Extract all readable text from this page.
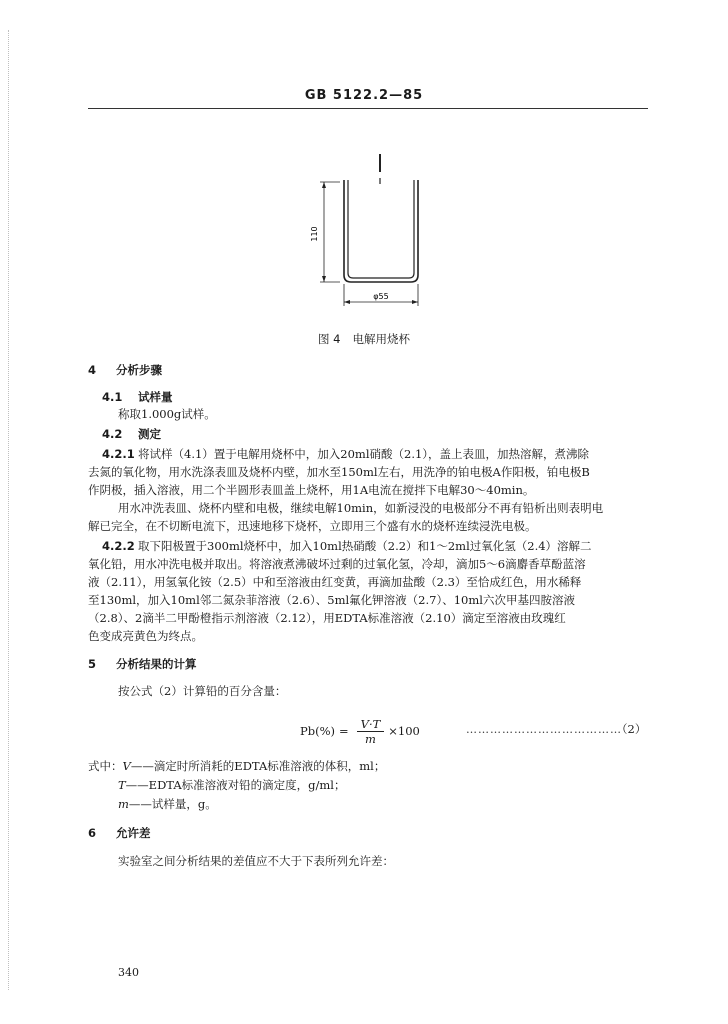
GB 5122.2—85
110
φ55
图 4 电解用烧杯
4 分析步骤
4.1 试样量
称取1.000g试样。
4.2 测定
4.2.1 将试样（4.1）置于电解用烧杯中，加入20ml硝酸（2.1），盖上表皿，加热溶解，煮沸除
去氮的氧化物，用水洗涤表皿及烧杯内壁，加水至150ml左右，用洗净的铂电极A作阳极，铂电极B
作阴极，插入溶液，用二个半圆形表皿盖上烧杯，用1A电流在搅拌下电解30～40min。
用水冲洗表皿、烧杯内壁和电极，继续电解10min，如新浸没的电极部分不再有铅析出则表明电
解已完全，在不切断电流下，迅速地移下烧杯，立即用三个盛有水的烧杯连续浸洗电极。
4.2.2 取下阳极置于300ml烧杯中，加入10ml热硝酸（2.2）和1～2ml过氧化氢（2.4）溶解二
氧化铅，用水冲洗电极并取出。将溶液煮沸破坏过剩的过氧化氢，冷却，滴加5～6滴麝香草酚蓝溶
液（2.11），用氢氧化铵（2.5）中和至溶液由红变黄，再滴加盐酸（2.3）至恰成红色，用水稀释
至130ml，加入10ml邻二氮杂菲溶液（2.6）、5ml氟化钾溶液（2.7）、10ml六次甲基四胺溶液
（2.8）、2滴半二甲酚橙指示剂溶液（2.12），用EDTA标准溶液（2.10）滴定至溶液由玫瑰红
色变成亮黄色为终点。
5 分析结果的计算
按公式（2）计算铅的百分含量：
$Pb(\%) = \frac{V\cdot T}{m} \times 100$	…………………………………
（2）
式中：V——滴定时所消耗的EDTA标准溶液的体积，ml；
T——EDTA标准溶液对铅的滴定度，g/ml；
m——试样量，g。
6 允许差
实验室之间分析结果的差值应不大于下表所列允许差：
340
